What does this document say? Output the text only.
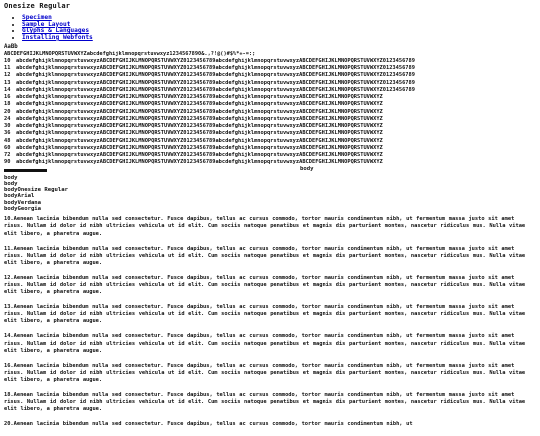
Onesize Regular
• Specimen
• Sample Layout
• Glyphs & Languages
• Installing Webfonts
AaBb
ABCDEFGHIJKLMNOPQRSTUVWXYZabcdefghijklmnopqrstuvwxyz1234567890&.,?!@()#$%*+-=:;
10 abcdefghijklmnopqrstuvwxyzABCDEFGHIJKLMNOPQRSTUVWXYZ0123456789abcdefghijklmnopqrstuvwxyzABCDEFGHIJKLMNOPQRSTUVWXYZ0123456789
11 abcdefghijklmnopqrstuvwxyzABCDEFGHIJKLMNOPQRSTUVWXYZ0123456789abcdefghijklmnopqrstuvwxyzABCDEFGHIJKLMNOPQRSTUVWXYZ0123456789
12 abcdefghijklmnopqrstuvwxyzABCDEFGHIJKLMNOPQRSTUVWXYZ0123456789abcdefghijklmnopqrstuvwxyzABCDEFGHIJKLMNOPQRSTUVWXYZ0123456789
13 abcdefghijklmnopqrstuvwxyzABCDEFGHIJKLMNOPQRSTUVWXYZ0123456789abcdefghijklmnopqrstuvwxyzABCDEFGHIJKLMNOPQRSTUVWXYZ0123456789
14 abcdefghijklmnopqrstuvwxyzABCDEFGHIJKLMNOPQRSTUVWXYZ0123456789abcdefghijklmnopqrstuvwxyzABCDEFGHIJKLMNOPQRSTUVWXYZ0123456789
16 abcdefghijklmnopqrstuvwxyzABCDEFGHIJKLMNOPQRSTUVWXYZ0123456789abcdefghijklmnopqrstuvwxyzABCDEFGHIJKLMNOPQRSTUVWXYZ
18 abcdefghijklmnopqrstuvwxyzABCDEFGHIJKLMNOPQRSTUVWXYZ0123456789abcdefghijklmnopqrstuvwxyzABCDEFGHIJKLMNOPQRSTUVWXYZ
20 abcdefghijklmnopqrstuvwxyzABCDEFGHIJKLMNOPQRSTUVWXYZ0123456789abcdefghijklmnopqrstuvwxyzABCDEFGHIJKLMNOPQRSTUVWXYZ
24 abcdefghijklmnopqrstuvwxyzABCDEFGHIJKLMNOPQRSTUVWXYZ0123456789abcdefghijklmnopqrstuvwxyzABCDEFGHIJKLMNOPQRSTUVWXYZ
30 abcdefghijklmnopqrstuvwxyzABCDEFGHIJKLMNOPQRSTUVWXYZ0123456789abcdefghijklmnopqrstuvwxyzABCDEFGHIJKLMNOPQRSTUVWXYZ
36 abcdefghijklmnopqrstuvwxyzABCDEFGHIJKLMNOPQRSTUVWXYZ0123456789abcdefghijklmnopqrstuvwxyzABCDEFGHIJKLMNOPQRSTUVWXYZ
48 abcdefghijklmnopqrstuvwxyzABCDEFGHIJKLMNOPQRSTUVWXYZ0123456789abcdefghijklmnopqrstuvwxyzABCDEFGHIJKLMNOPQRSTUVWXYZ
60 abcdefghijklmnopqrstuvwxyzABCDEFGHIJKLMNOPQRSTUVWXYZ0123456789abcdefghijklmnopqrstuvwxyzABCDEFGHIJKLMNOPQRSTUVWXYZ
72 abcdefghijklmnopqrstuvwxyzABCDEFGHIJKLMNOPQRSTUVWXYZ0123456789abcdefghijklmnopqrstuvwxyzABCDEFGHIJKLMNOPQRSTUVWXYZ
90 abcdefghijklmnopqrstuvwxyzABCDEFGHIJKLMNOPQRSTUVWXYZ0123456789abcdefghijklmnopqrstuvwxyzABCDEFGHIJKLMNOPQRSTUVWXYZ
body
body
body
bodyOnesize Regular
bodyArial
bodyVerdana
bodyGeorgia

10.Aenean lacinia bibendum nulla sed consectetur. Fusce dapibus, tellus ac cursus commodo, tortor mauris condimentum nibh, ut fermentum massa justo sit amet risus. Nullam id dolor id nibh ultricies vehicula ut id elit. Cum sociis natoque penatibus et magnis dis parturient montes, nascetur ridiculus mus. Nulla vitae elit libero, a pharetra augue.

11.Aenean lacinia bibendum nulla sed consectetur. Fusce dapibus, tellus ac cursus commodo, tortor mauris condimentum nibh, ut fermentum massa justo sit amet risus. Nullam id dolor id nibh ultricies vehicula ut id elit. Cum sociis natoque penatibus et magnis dis parturient montes, nascetur ridiculus mus. Nulla vitae elit libero, a pharetra augue.

12.Aenean lacinia bibendum nulla sed consectetur. Fusce dapibus, tellus ac cursus commodo, tortor mauris condimentum nibh, ut fermentum massa justo sit amet risus. Nullam id dolor id nibh ultricies vehicula ut id elit. Cum sociis natoque penatibus et magnis dis parturient montes, nascetur ridiculus mus. Nulla vitae elit libero, a pharetra augue.

13.Aenean lacinia bibendum nulla sed consectetur. Fusce dapibus, tellus ac cursus commodo, tortor mauris condimentum nibh, ut fermentum massa justo sit amet risus. Nullam id dolor id nibh ultricies vehicula ut id elit. Cum sociis natoque penatibus et magnis dis parturient montes, nascetur ridiculus mus. Nulla vitae elit libero, a pharetra augue.

14.Aenean lacinia bibendum nulla sed consectetur. Fusce dapibus, tellus ac cursus commodo, tortor mauris condimentum nibh, ut fermentum massa justo sit amet risus. Nullam id dolor id nibh ultricies vehicula ut id elit. Cum sociis natoque penatibus et magnis dis parturient montes, nascetur ridiculus mus. Nulla vitae elit libero, a pharetra augue.

16.Aenean lacinia bibendum nulla sed consectetur. Fusce dapibus, tellus ac cursus commodo, tortor mauris condimentum nibh, ut fermentum massa justo sit amet risus. Nullam id dolor id nibh ultricies vehicula ut id elit. Cum sociis natoque penatibus et magnis dis parturient montes, nascetur ridiculus mus. Nulla vitae elit libero, a pharetra augue.

18.Aenean lacinia bibendum nulla sed consectetur. Fusce dapibus, tellus ac cursus commodo, tortor mauris condimentum nibh, ut fermentum massa justo sit amet risus. Nullam id dolor id nibh ultricies vehicula ut id elit. Cum sociis natoque penatibus et magnis dis parturient montes, nascetur ridiculus mus. Nulla vitae elit libero, a pharetra augue.

20.Aenean lacinia bibendum nulla sed consectetur. Fusce dapibus, tellus ac cursus commodo, tortor mauris condimentum nibh, ut
